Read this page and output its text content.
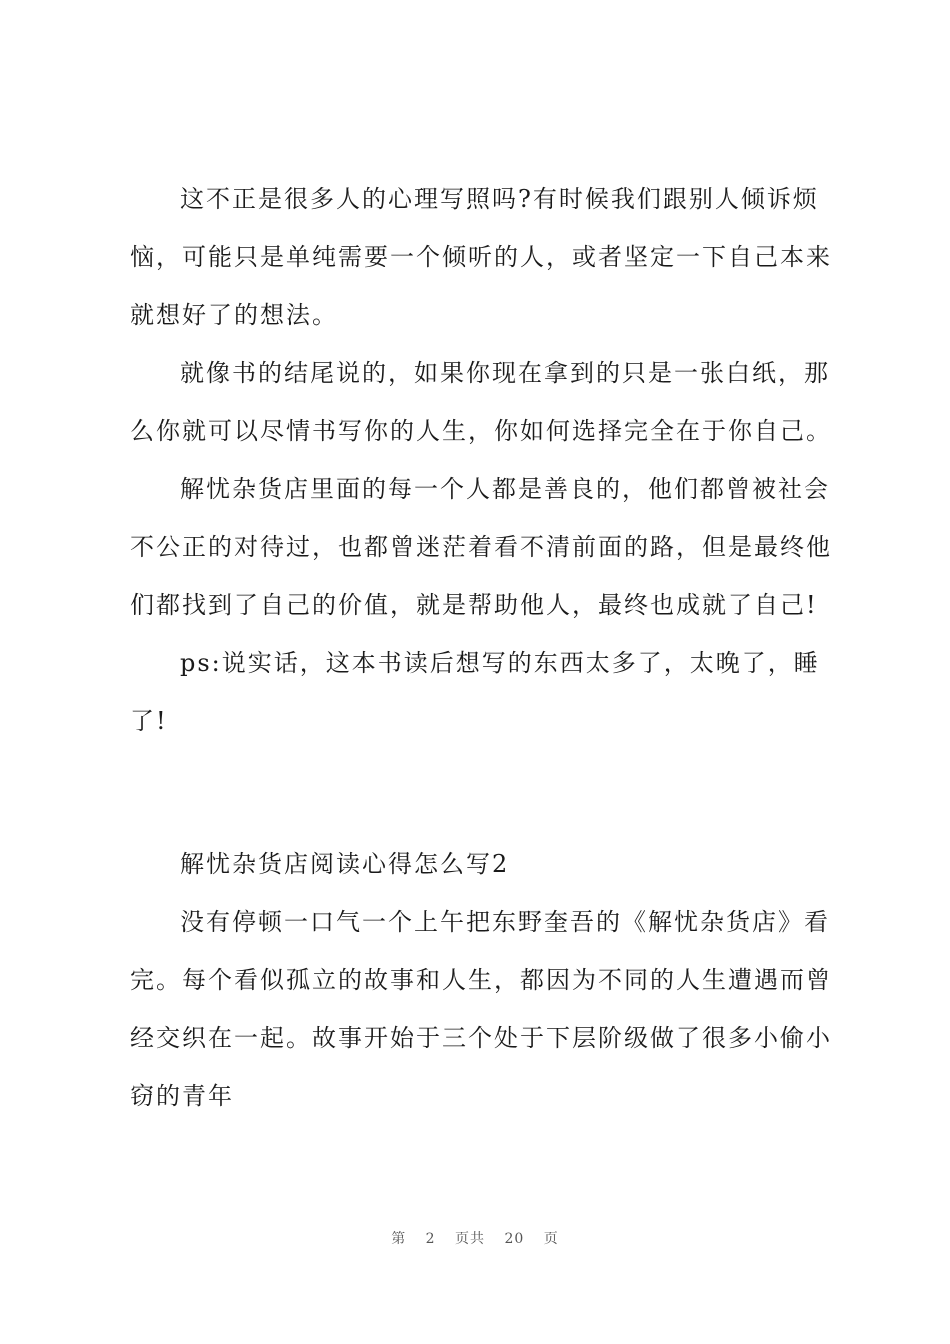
这不正是很多人的心理写照吗?有时候我们跟别人倾诉烦恼，可能只是单纯需要一个倾听的人，或者坚定一下自己本来就想好了的想法。

就像书的结尾说的，如果你现在拿到的只是一张白纸，那么你就可以尽情书写你的人生，你如何选择完全在于你自己。

解忧杂货店里面的每一个人都是善良的，他们都曾被社会不公正的对待过，也都曾迷茫着看不清前面的路，但是最终他们都找到了自己的价值，就是帮助他人，最终也成就了自己!

ps:说实话，这本书读后想写的东西太多了，太晚了，睡了!

解忧杂货店阅读心得怎么写2

没有停顿一口气一个上午把东野奎吾的《解忧杂货店》看完。每个看似孤立的故事和人生，都因为不同的人生遭遇而曾经交织在一起。故事开始于三个处于下层阶级做了很多小偷小窃的青年

第 2 页共 20 页
